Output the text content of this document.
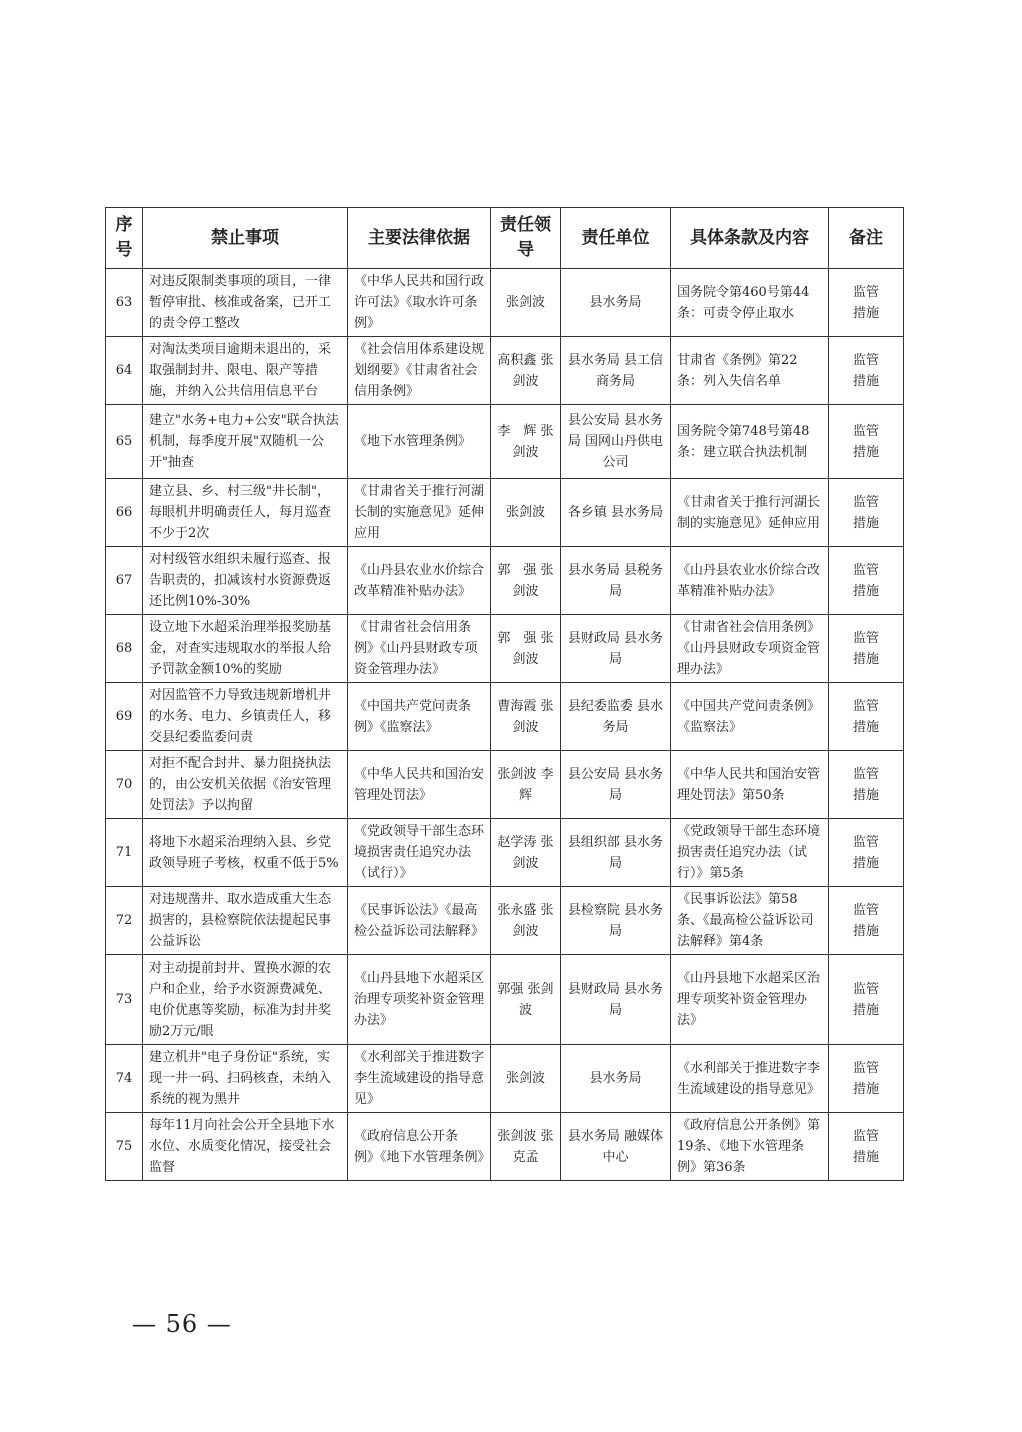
序号	禁止事项	主要法律依据	责任领导	责任单位	具体条款及内容	备注
63	对违反限制类事项的项目，一律暂停审批、核准或备案，已开工的责令停工整改	《中华人民共和国行政许可法》《取水许可条例》	张剑波	县水务局	国务院令第460号第44条：可责令停止取水	监管措施
64	对淘汰类项目逾期未退出的，采取强制封井、限电、限产等措施，并纳入公共信用信息平台	《社会信用体系建设规划纲要》《甘肃省社会信用条例》	高积鑫 张剑波	县水务局 县工信商务局	甘肃省《条例》第22条：列入失信名单	监管措施
65	建立"水务+电力+公安"联合执法机制，每季度开展"双随机一公开"抽查	《地下水管理条例》	李　辉 张剑波	县公安局 县水务局 国网山丹供电公司	国务院令第748号第48条：建立联合执法机制	监管措施
66	建立县、乡、村三级"井长制"，每眼机井明确责任人，每月巡查不少于2次	《甘肃省关于推行河湖长制的实施意见》延伸应用	张剑波	各乡镇 县水务局	《甘肃省关于推行河湖长制的实施意见》延伸应用	监管措施
67	对村级管水组织未履行巡查、报告职责的，扣减该村水资源费返还比例10%-30%	《山丹县农业水价综合改革精准补贴办法》	郭　强 张剑波	县水务局 县税务局	《山丹县农业水价综合改革精准补贴办法》	监管措施
68	设立地下水超采治理举报奖励基金，对查实违规取水的举报人给予罚款金额10%的奖励	《甘肃省社会信用条例》《山丹县财政专项资金管理办法》	郭　强 张剑波	县财政局 县水务局	《甘肃省社会信用条例》《山丹县财政专项资金管理办法》	监管措施
69	对因监管不力导致违规新增机井的水务、电力、乡镇责任人，移交县纪委监委问责	《中国共产党问责条例》《监察法》	曹海霞 张剑波	县纪委监委 县水务局	《中国共产党问责条例》《监察法》	监管措施
70	对拒不配合封井、暴力阻挠执法的，由公安机关依据《治安管理处罚法》予以拘留	《中华人民共和国治安管理处罚法》	张剑波 李　辉	县公安局 县水务局	《中华人民共和国治安管理处罚法》第50条	监管措施
71	将地下水超采治理纳入县、乡党政领导班子考核，权重不低于5%	《党政领导干部生态环境损害责任追究办法（试行）》	赵学涛 张剑波	县组织部 县水务局	《党政领导干部生态环境损害责任追究办法（试行）》第5条	监管措施
72	对违规凿井、取水造成重大生态损害的，县检察院依法提起民事公益诉讼	《民事诉讼法》《最高检公益诉讼司法解释》	张永盛 张剑波	县检察院 县水务局	《民事诉讼法》第58条、《最高检公益诉讼司法解释》第4条	监管措施
73	对主动提前封井、置换水源的农户和企业，给予水资源费减免、电价优惠等奖励，标准为封井奖励2万元/眼	《山丹县地下水超采区治理专项奖补资金管理办法》	郭强 张剑波	县财政局 县水务局	《山丹县地下水超采区治理专项奖补资金管理办法》	监管措施
74	建立机井"电子身份证"系统，实现一井一码、扫码核查，未纳入系统的视为黑井	《水利部关于推进数字李生流域建设的指导意见》	张剑波	县水务局	《水利部关于推进数字李生流域建设的指导意见》	监管措施
75	每年11月向社会公开全县地下水水位、水质变化情况，接受社会监督	《政府信息公开条例》《地下水管理条例》	张剑波 张克孟	县水务局 融媒体中心	《政府信息公开条例》第19条、《地下水管理条例》第36条	监管措施
— 56 —
